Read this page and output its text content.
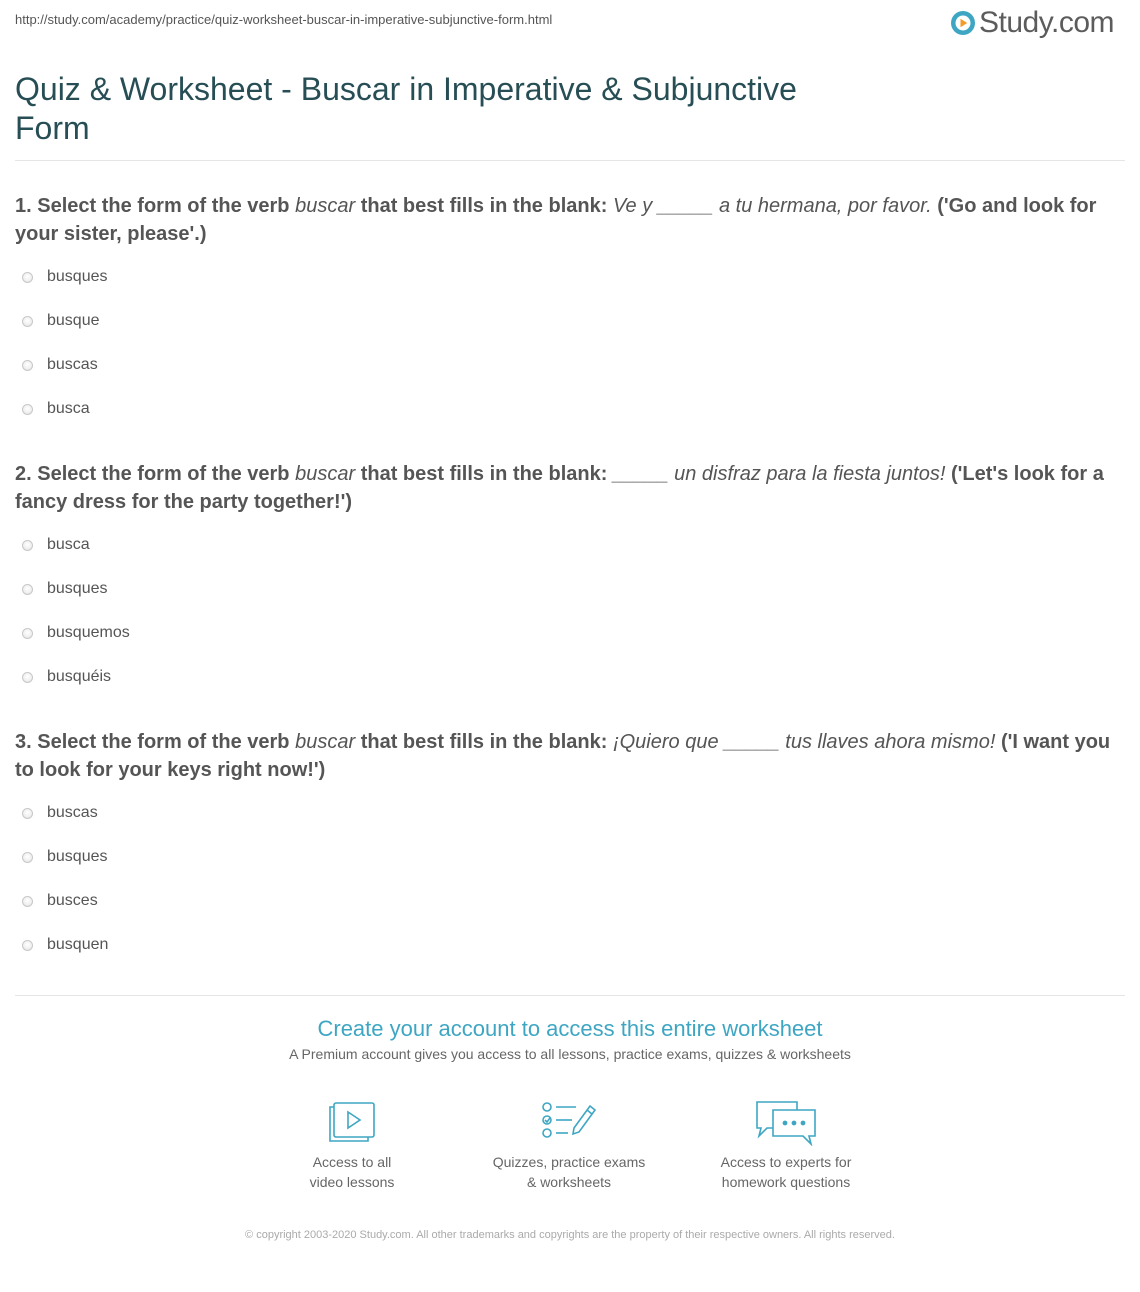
http://study.com/academy/practice/quiz-worksheet-buscar-in-imperative-subjunctive-form.html	Study.com
Quiz & Worksheet - Buscar in Imperative & Subjunctive Form

1. Select the form of the verb buscar that best fills in the blank: Ve y _____ a tu hermana, por favor. ('Go and look for your sister, please'.)

busques
busque
buscas
busca

2. Select the form of the verb buscar that best fills in the blank: _____ un disfraz para la fiesta juntos! ('Let's look for a fancy dress for the party together!')

busca
busques
busquemos
busquéis

3. Select the form of the verb buscar that best fills in the blank: ¡Quiero que _____ tus llaves ahora mismo! ('I want you to look for your keys right now!')

buscas
busques
busces
busquen
Create your account to access this entire worksheet
A Premium account gives you access to all lessons, practice exams, quizzes & worksheets
Access to all
video lessons
Quizzes, practice exams
& worksheets
Access to experts for
homework questions
© copyright 2003-2020 Study.com. All other trademarks and copyrights are the property of their respective owners. All rights reserved.
